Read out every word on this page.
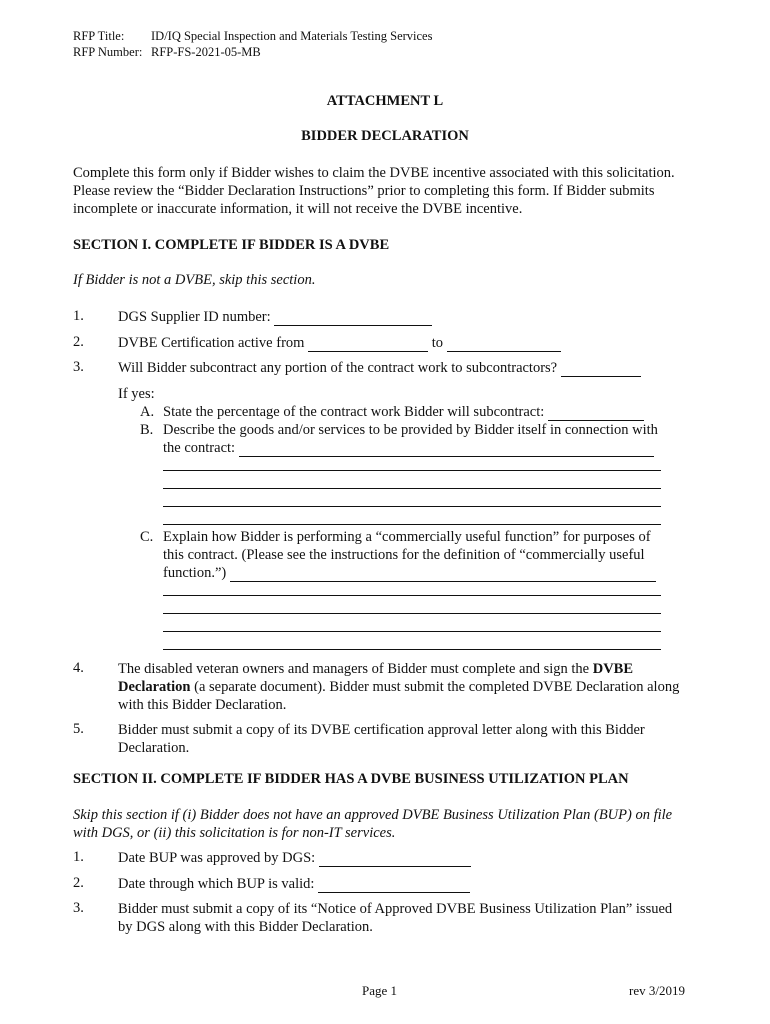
RFP Title: ID/IQ Special Inspection and Materials Testing Services
RFP Number: RFP-FS-2021-05-MB
ATTACHMENT L
BIDDER DECLARATION
Complete this form only if Bidder wishes to claim the DVBE incentive associated with this solicitation. Please review the “Bidder Declaration Instructions” prior to completing this form. If Bidder submits incomplete or inaccurate information, it will not receive the DVBE incentive.
SECTION I. COMPLETE IF BIDDER IS A DVBE
If Bidder is not a DVBE, skip this section.
1. DGS Supplier ID number:
2. DVBE Certification active from	to
3. Will Bidder subcontract any portion of the contract work to subcontractors?
If yes:
A. State the percentage of the contract work Bidder will subcontract:
B. Describe the goods and/or services to be provided by Bidder itself in connection with
the contract:
C. Explain how Bidder is performing a “commercially useful function” for purposes of
this contract. (Please see the instructions for the definition of “commercially useful
function.”)
4. The disabled veteran owners and managers of Bidder must complete and sign the DVBE Declaration (a separate document). Bidder must submit the completed DVBE Declaration along with this Bidder Declaration.
5. Bidder must submit a copy of its DVBE certification approval letter along with this Bidder Declaration.
SECTION II. COMPLETE IF BIDDER HAS A DVBE BUSINESS UTILIZATION PLAN
Skip this section if (i) Bidder does not have an approved DVBE Business Utilization Plan (BUP) on file with DGS, or (ii) this solicitation is for non-IT services.
1. Date BUP was approved by DGS:
2. Date through which BUP is valid:
3. Bidder must submit a copy of its “Notice of Approved DVBE Business Utilization Plan” issued by DGS along with this Bidder Declaration.
Page 1	rev 3/2019
